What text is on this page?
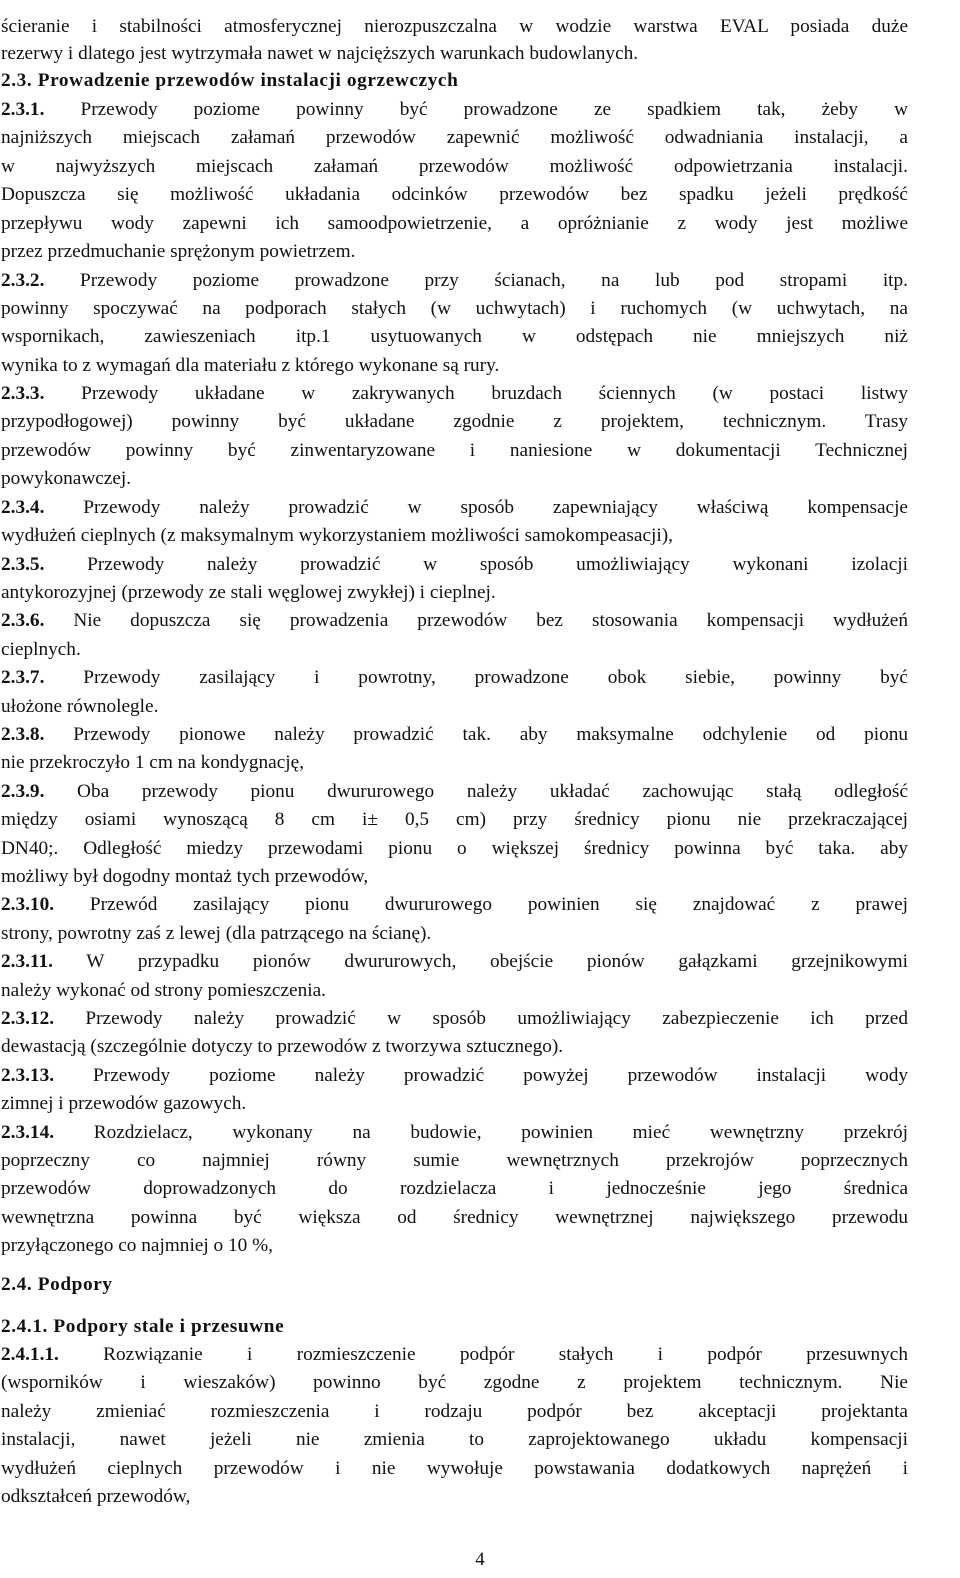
ścieranie i stabilności atmosferycznej nierozpuszczalna w wodzie warstwa EVAL posiada duże
rezerwy i dlatego jest wytrzymała nawet w najcięższych warunkach budowlanych.
2.3. Prowadzenie przewodów instalacji ogrzewczych
2.3.1. Przewody poziome powinny być prowadzone ze spadkiem tak, żeby w
najniższych miejscach załamań przewodów zapewnić możliwość odwadniania instalacji, a
w najwyższych miejscach załamań przewodów możliwość odpowietrzania instalacji.
Dopuszcza się możliwość układania odcinków przewodów bez spadku jeżeli prędkość
przepływu wody zapewni ich samoodpowietrzenie, a opróżnianie z wody jest możliwe
przez przedmuchanie sprężonym powietrzem.
2.3.2. Przewody poziome prowadzone przy ścianach, na lub pod stropami itp.
powinny spoczywać na podporach stałych (w uchwytach) i ruchomych (w uchwytach, na
wspornikach, zawieszeniach itp.1 usytuowanych w odstępach nie mniejszych niż
wynika to z wymagań dla materiału z którego wykonane są rury.
2.3.3. Przewody układane w zakrywanych bruzdach ściennych (w postaci listwy
przypodłogowej) powinny być układane zgodnie z projektem, technicznym. Trasy
przewodów powinny być zinwentaryzowane i naniesione w dokumentacji Technicznej
powykonawczej.
2.3.4. Przewody należy prowadzić w sposób zapewniający właściwą kompensacje
wydłużeń cieplnych (z maksymalnym wykorzystaniem możliwości samokompeasacji),
2.3.5. Przewody należy prowadzić w sposób umożliwiający wykonani izolacji
antykorozyjnej (przewody ze stali węglowej zwykłej) i cieplnej.
2.3.6. Nie dopuszcza się prowadzenia przewodów bez stosowania kompensacji wydłużeń
cieplnych.
2.3.7. Przewody zasilający i powrotny, prowadzone obok siebie, powinny być
ułożone równolegle.
2.3.8. Przewody pionowe należy prowadzić tak. aby maksymalne odchylenie od pionu
nie przekroczyło 1 cm na kondygnację,
2.3.9. Oba przewody pionu dwururowego należy układać zachowując stałą odległość
między osiami wynoszącą 8 cm i± 0,5 cm) przy średnicy pionu nie przekraczającej
DN40;. Odległość miedzy przewodami pionu o większej średnicy powinna być taka. aby
możliwy był dogodny montaż tych przewodów,
2.3.10. Przewód zasilający pionu dwururowego powinien się znajdować z prawej
strony, powrotny zaś z lewej (dla patrzącego na ścianę).
2.3.11. W przypadku pionów dwururowych, obejście pionów gałązkami grzejnikowymi
należy wykonać od strony pomieszczenia.
2.3.12. Przewody należy prowadzić w sposób umożliwiający zabezpieczenie ich przed
dewastacją (szczególnie dotyczy to przewodów z tworzywa sztucznego).
2.3.13. Przewody poziome należy prowadzić powyżej przewodów instalacji wody
zimnej i przewodów gazowych.
2.3.14. Rozdzielacz, wykonany na budowie, powinien mieć wewnętrzny przekrój
poprzeczny co najmniej równy sumie wewnętrznych przekrojów poprzecznych
przewodów doprowadzonych do rozdzielacza i jednocześnie jego średnica
wewnętrzna powinna być większa od średnicy wewnętrznej największego przewodu
przyłączonego co najmniej o 10 %,
2.4. Podpory
2.4.1. Podpory stale i przesuwne
2.4.1.1. Rozwiązanie i rozmieszczenie podpór stałych i podpór przesuwnych
(wsporników i wieszaków) powinno być zgodne z projektem technicznym. Nie
należy zmieniać rozmieszczenia i rodzaju podpór bez akceptacji projektanta
instalacji, nawet jeżeli nie zmienia to zaprojektowanego układu kompensacji
wydłużeń cieplnych przewodów i nie wywołuje powstawania dodatkowych naprężeń i
odkształceń przewodów,
4
